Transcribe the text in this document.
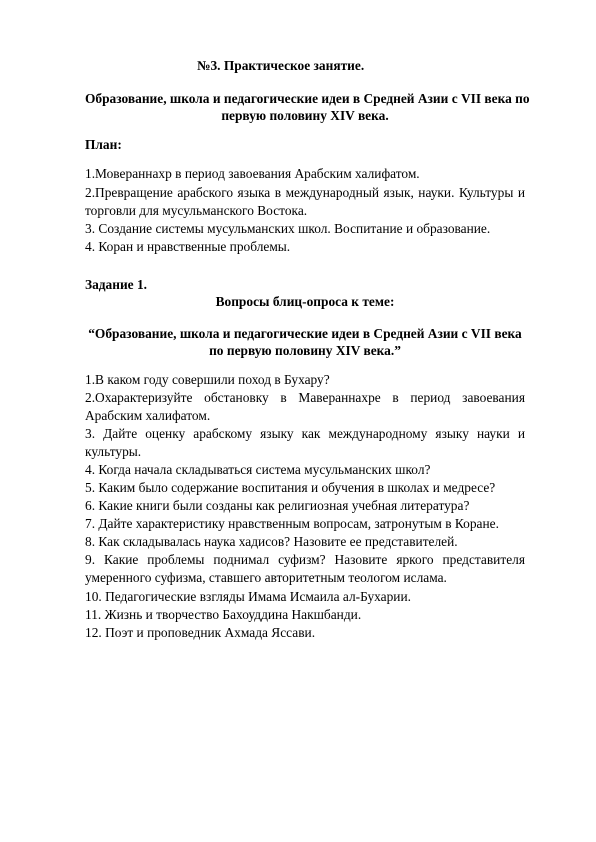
№3. Практическое занятие.
Образование, школа и педагогические идеи в Средней Азии с VII века по
первую половину XIV века.
План:
1.Мовераннахр в период завоевания Арабским халифатом.
2.Превращение арабского языка в международный язык, науки. Культуры и
торговли для мусульманского Востока.
3. Создание системы мусульманских школ. Воспитание и образование.
4. Коран и нравственные проблемы.
Задание 1.
Вопросы блиц-опроса к теме:
“Образование, школа и педагогические идеи в Средней Азии с VII века
по первую половину XIV века.”
1.В каком году совершили поход в Бухару?
2.Охарактеризуйте обстановку в Мавераннахре в период завоевания
Арабским халифатом.
3. Дайте оценку арабскому языку как международному языку науки и
культуры.
4. Когда начала складываться система мусульманских школ?
5. Каким было содержание воспитания и обучения в школах и медресе?
6. Какие книги были созданы как религиозная учебная литература?
7. Дайте характеристику нравственным вопросам, затронутым в Коране.
8. Как складывалась наука хадисов? Назовите ее представителей.
9. Какие проблемы поднимал суфизм? Назовите яркого представителя
умеренного суфизма, ставшего авторитетным теологом ислама.
10. Педагогические взгляды Имама Исмаила ал-Бухарии.
11. Жизнь и творчество Бахоуддина Накшбанди.
12. Поэт и проповедник Ахмада Яссави.
